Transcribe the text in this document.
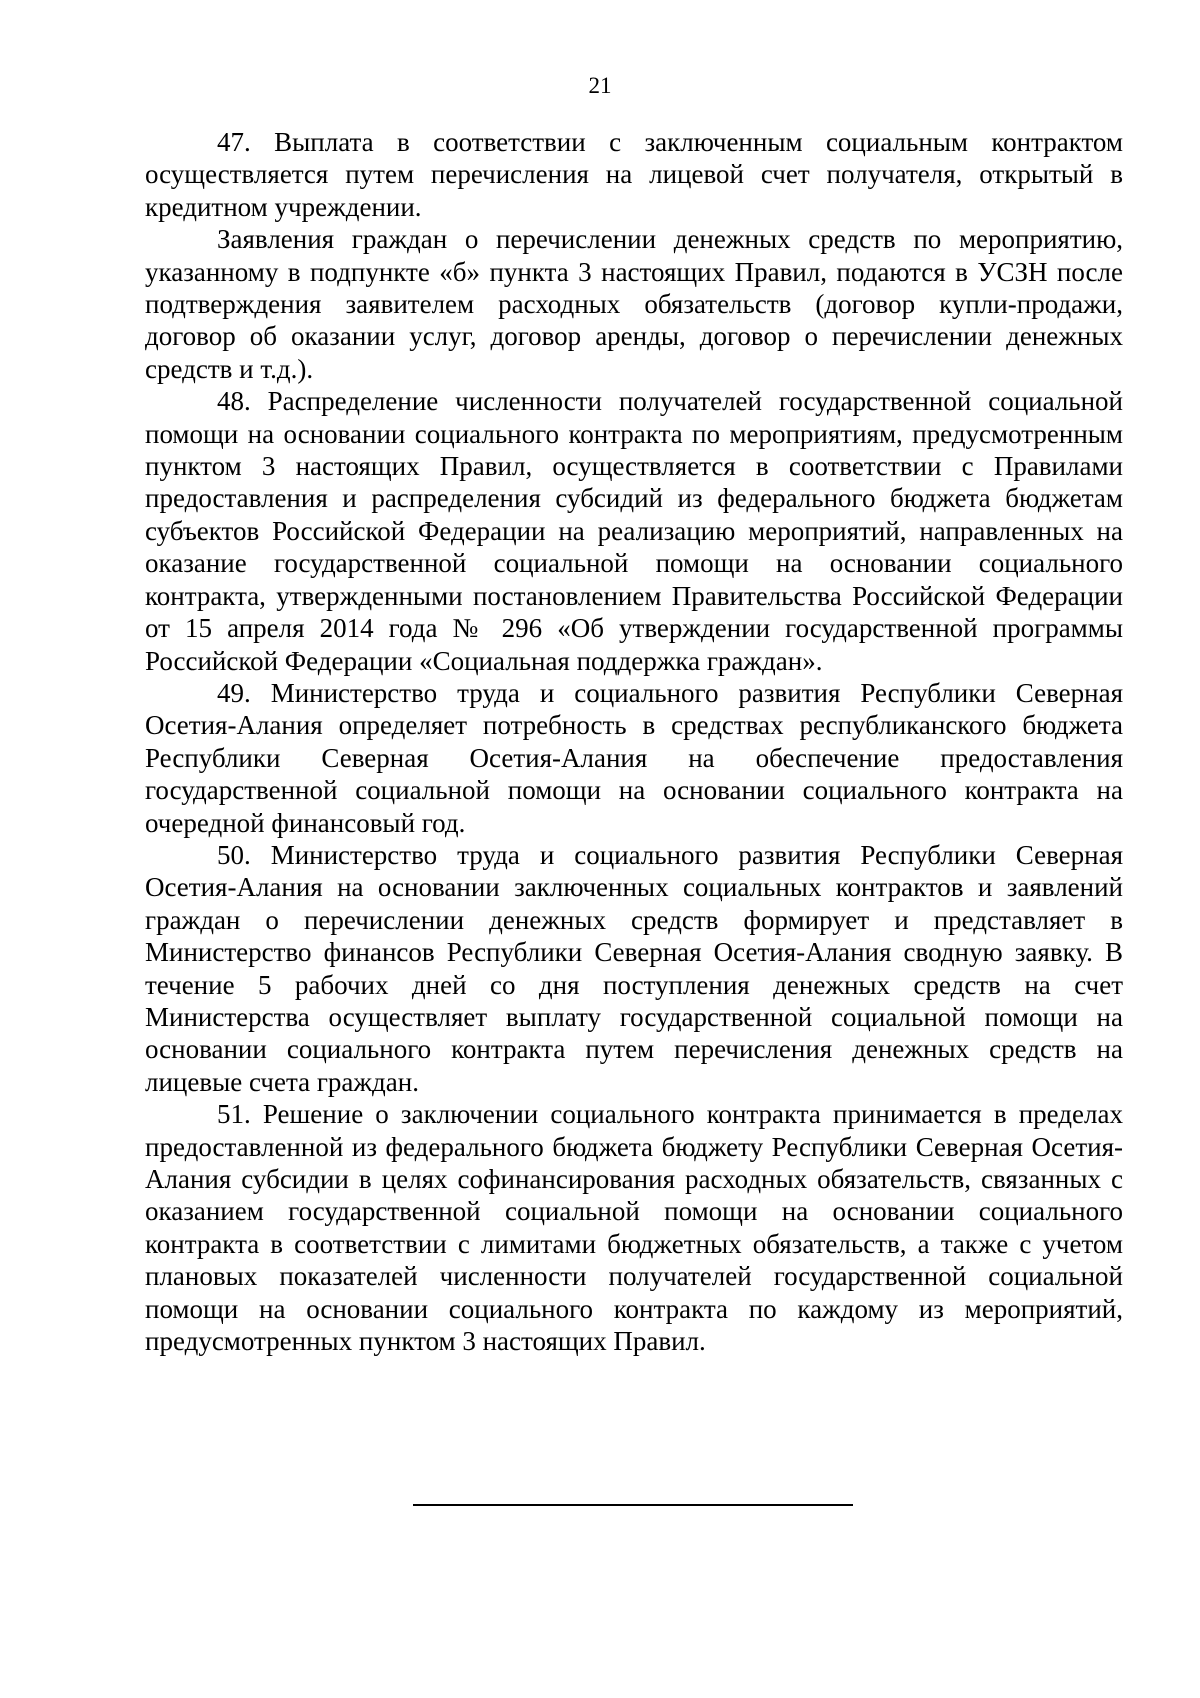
21

47. Выплата в соответствии с заключенным социальным контрактом осуществляется путем перечисления на лицевой счет получателя, открытый в кредитном учреждении.

Заявления граждан о перечислении денежных средств по мероприятию, указанному в подпункте «б» пункта 3 настоящих Правил, подаются в УСЗН после подтверждения заявителем расходных обязательств (договор купли-продажи, договор об оказании услуг, договор аренды, договор о перечислении денежных средств и т.д.).

48. Распределение численности получателей государственной социальной помощи на основании социального контракта по мероприятиям, предусмотренным пунктом 3 настоящих Правил, осуществляется в соответствии с Правилами предоставления и распределения субсидий из федерального бюджета бюджетам субъектов Российской Федерации на реализацию мероприятий, направленных на оказание государственной социальной помощи на основании социального контракта, утвержденными постановлением Правительства Российской Федерации от 15 апреля 2014 года № 296 «Об утверждении государственной программы Российской Федерации «Социальная поддержка граждан».

49. Министерство труда и социального развития Республики Северная Осетия-Алания определяет потребность в средствах республиканского бюджета Республики Северная Осетия-Алания на обеспечение предоставления государственной социальной помощи на основании социального контракта на очередной финансовый год.

50. Министерство труда и социального развития Республики Северная Осетия-Алания на основании заключенных социальных контрактов и заявлений граждан о перечислении денежных средств формирует и представляет в Министерство финансов Республики Северная Осетия-Алания сводную заявку. В течение 5 рабочих дней со дня поступления денежных средств на счет Министерства осуществляет выплату государственной социальной помощи на основании социального контракта путем перечисления денежных средств на лицевые счета граждан.

51. Решение о заключении социального контракта принимается в пределах предоставленной из федерального бюджета бюджету Республики Северная Осетия-Алания субсидии в целях софинансирования расходных обязательств, связанных с оказанием государственной социальной помощи на основании социального контракта в соответствии с лимитами бюджетных обязательств, а также с учетом плановых показателей численности получателей государственной социальной помощи на основании социального контракта по каждому из мероприятий, предусмотренных пунктом 3 настоящих Правил.
